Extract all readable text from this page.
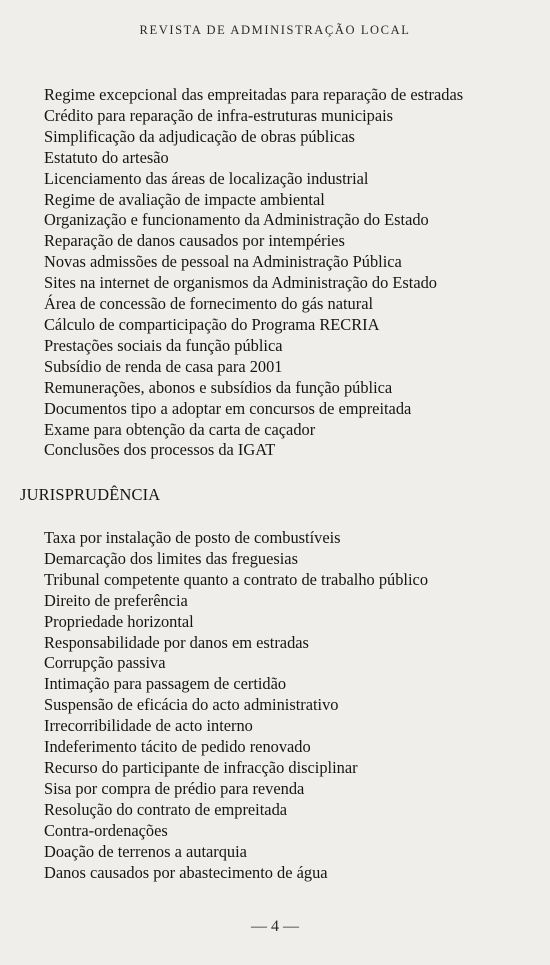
REVISTA DE ADMINISTRAÇÃO LOCAL
Regime excepcional das empreitadas para reparação de estradas
Crédito para reparação de infra-estruturas municipais
Simplificação da adjudicação de obras públicas
Estatuto do artesão
Licenciamento das áreas de localização industrial
Regime de avaliação de impacte ambiental
Organização e funcionamento da Administração do Estado
Reparação de danos causados por intempéries
Novas admissões de pessoal na Administração Pública
Sites na internet de organismos da Administração do Estado
Área de concessão de fornecimento do gás natural
Cálculo de comparticipação do Programa RECRIA
Prestações sociais da função pública
Subsídio de renda de casa para 2001
Remunerações, abonos e subsídios da função pública
Documentos tipo a adoptar em concursos de empreitada
Exame para obtenção da carta de caçador
Conclusões dos processos da IGAT
JURISPRUDÊNCIA
Taxa por instalação de posto de combustíveis
Demarcação dos limites das freguesias
Tribunal competente quanto a contrato de trabalho público
Direito de preferência
Propriedade horizontal
Responsabilidade por danos em estradas
Corrupção passiva
Intimação para passagem de certidão
Suspensão de eficácia do acto administrativo
Irrecorribilidade de acto interno
Indeferimento tácito de pedido renovado
Recurso do participante de infracção disciplinar
Sisa por compra de prédio para revenda
Resolução do contrato de empreitada
Contra-ordenações
Doação de terrenos a autarquia
Danos causados por abastecimento de água
— 4 —
